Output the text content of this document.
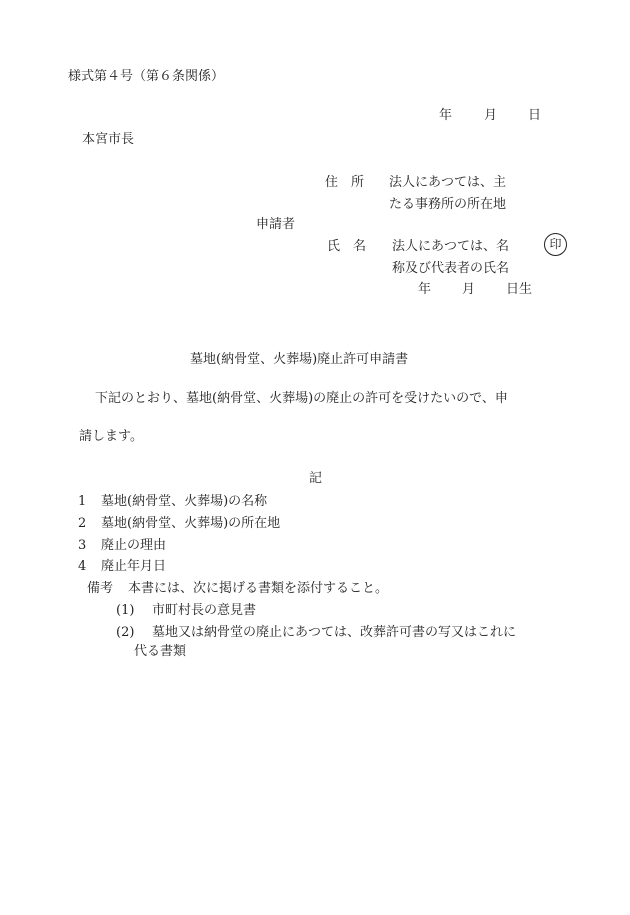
様式第４号（第６条関係）
年 月 日
本宮市長
住　所 法人にあつては、主
たる事務所の所在地
申請者
氏　名 法人にあつては、名	印
称及び代表者の氏名
年 月 日生
墓地(納骨堂、火葬場)廃止許可申請書
下記のとおり、墓地(納骨堂、火葬場)の廃止の許可を受けたいので、申
請します。
記
1 墓地(納骨堂、火葬場)の名称
2 墓地(納骨堂、火葬場)の所在地
3 廃止の理由
4 廃止年月日
備考 本書には、次に掲げる書類を添付すること。
(1) 市町村長の意見書
(2) 墓地又は納骨堂の廃止にあつては、改葬許可書の写又はこれに
代る書類
